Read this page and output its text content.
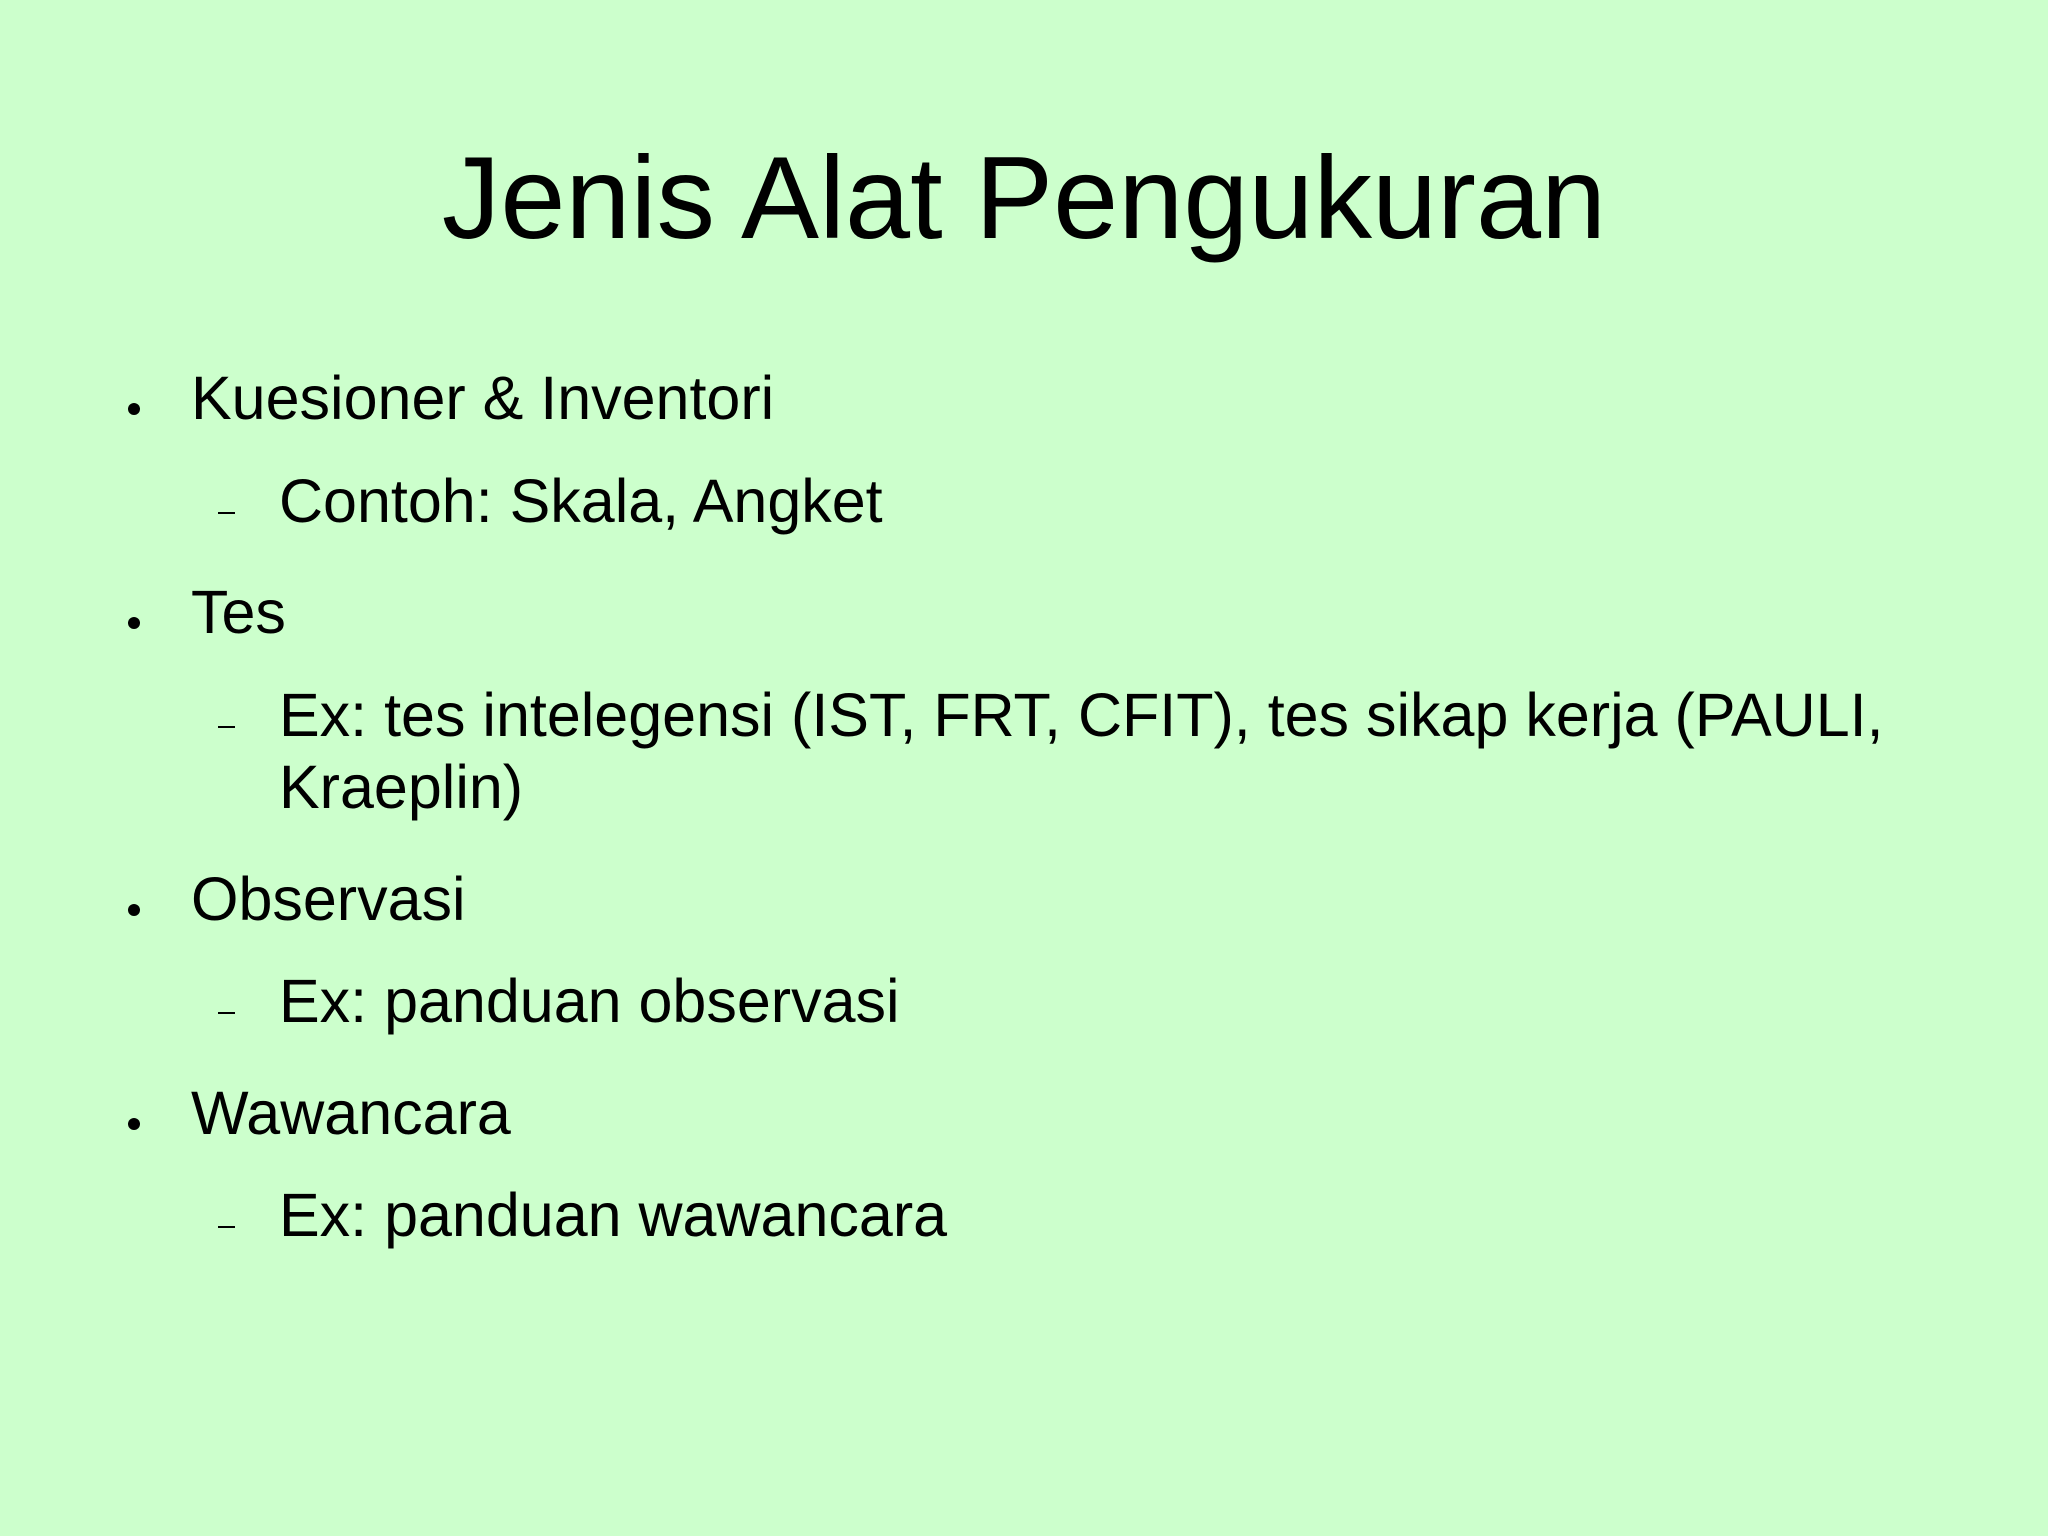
Jenis Alat Pengukuran
Kuesioner & Inventori
Contoh: Skala, Angket
Tes
Ex: tes intelegensi (IST, FRT, CFIT), tes sikap kerja (PAULI,
Kraeplin)
Observasi
Ex: panduan observasi
Wawancara
Ex: panduan wawancara
